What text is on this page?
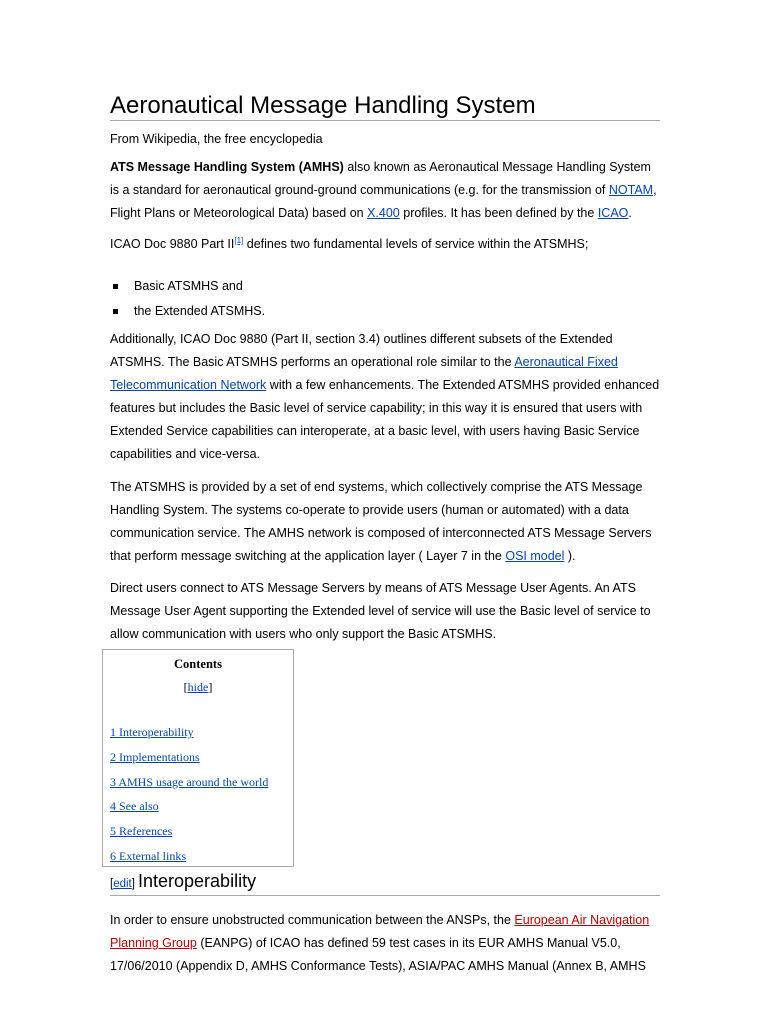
Aeronautical Message Handling System
From Wikipedia, the free encyclopedia

ATS Message Handling System (AMHS) also known as Aeronautical Message Handling System is a standard for aeronautical ground-ground communications (e.g. for the transmission of NOTAM, Flight Plans or Meteorological Data) based on X.400 profiles. It has been defined by the ICAO.

ICAO Doc 9880 Part II[1] defines two fundamental levels of service within the ATSMHS;

Basic ATSMHS and
the Extended ATSMHS.

Additionally, ICAO Doc 9880 (Part II, section 3.4) outlines different subsets of the Extended ATSMHS. The Basic ATSMHS performs an operational role similar to the Aeronautical Fixed Telecommunication Network with a few enhancements. The Extended ATSMHS provided enhanced features but includes the Basic level of service capability; in this way it is ensured that users with Extended Service capabilities can interoperate, at a basic level, with users having Basic Service capabilities and vice-versa.

The ATSMHS is provided by a set of end systems, which collectively comprise the ATS Message Handling System. The systems co-operate to provide users (human or automated) with a data communication service. The AMHS network is composed of interconnected ATS Message Servers that perform message switching at the application layer ( Layer 7 in the OSI model ).

Direct users connect to ATS Message Servers by means of ATS Message User Agents. An ATS Message User Agent supporting the Extended level of service will use the Basic level of service to allow communication with users who only support the Basic ATSMHS.

[edit] Interoperability

In order to ensure unobstructed communication between the ANSPs, the European Air Navigation Planning Group (EANPG) of ICAO has defined 59 test cases in its EUR AMHS Manual V5.0, 17/06/2010 (Appendix D, AMHS Conformance Tests), ASIA/PAC AMHS Manual (Annex B, AMHS

Contents
[hide]
1 Interoperability
2 Implementations
3 AMHS usage around the world
4 See also
5 References
6 External links
